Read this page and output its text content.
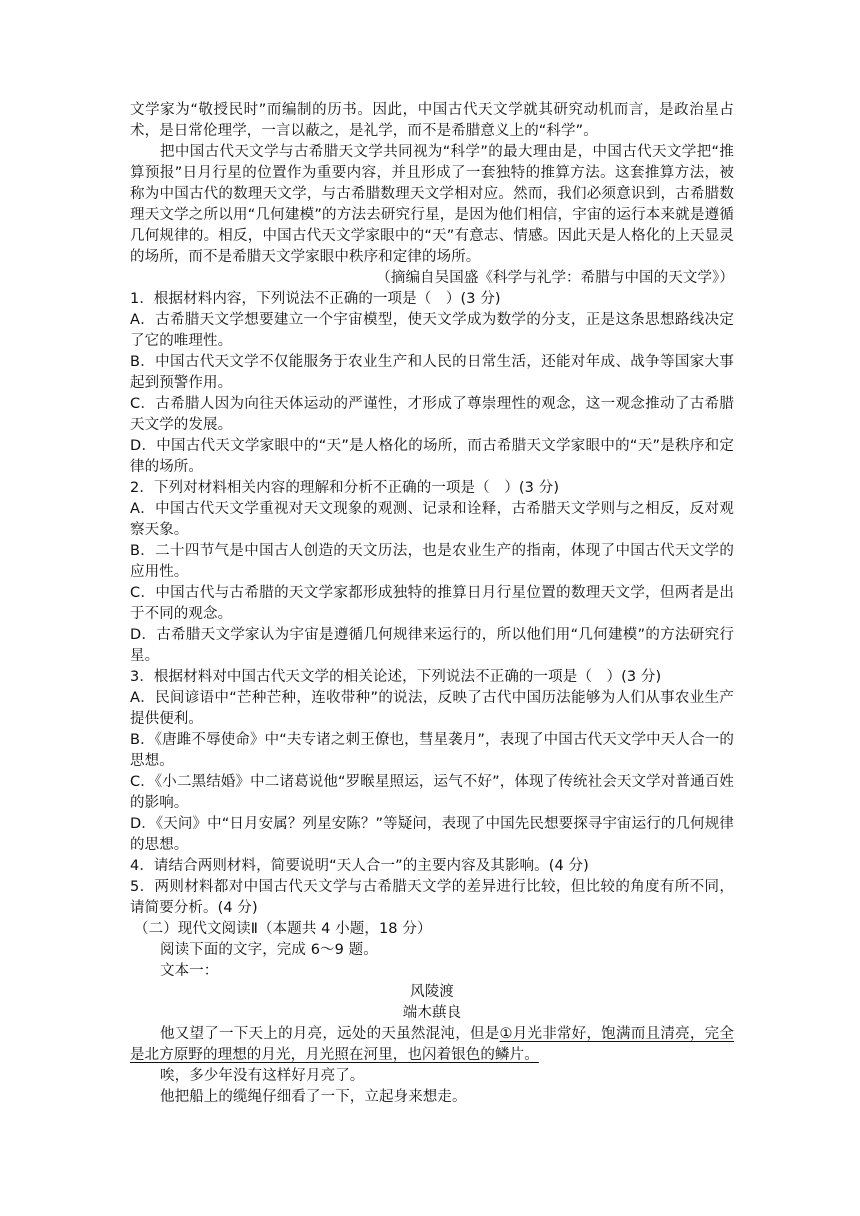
文学家为“敬授民时”而编制的历书。因此，中国古代天文学就其研究动机而言，是政治星占术，是日常伦理学，一言以蔽之，是礼学，而不是希腊意义上的“科学”。

把中国古代天文学与古希腊天文学共同视为“科学”的最大理由是，中国古代天文学把“推算预报”日月行星的位置作为重要内容，并且形成了一套独特的推算方法。这套推算方法，被称为中国古代的数理天文学，与古希腊数理天文学相对应。然而，我们必须意识到，古希腊数理天文学之所以用“几何建模”的方法去研究行星，是因为他们相信，宇宙的运行本来就是遵循几何规律的。相反，中国古代天文学家眼中的“天”有意志、情感。因此天是人格化的上天显灵的场所，而不是希腊天文学家眼中秩序和定律的场所。

（摘编自吴国盛《科学与礼学：希腊与中国的天文学》）

1．根据材料内容，下列说法不正确的一项是（　）(3 分)

A．古希腊天文学想要建立一个宇宙模型，使天文学成为数学的分支，正是这条思想路线决定了它的唯理性。

B．中国古代天文学不仅能服务于农业生产和人民的日常生活，还能对年成、战争等国家大事起到预警作用。

C．古希腊人因为向往天体运动的严谨性，才形成了尊崇理性的观念，这一观念推动了古希腊天文学的发展。

D．中国古代天文学家眼中的“天”是人格化的场所，而古希腊天文学家眼中的“天”是秩序和定律的场所。

2．下列对材料相关内容的理解和分析不正确的一项是（　）(3 分)

A．中国古代天文学重视对天文现象的观测、记录和诠释，古希腊天文学则与之相反，反对观察天象。

B．二十四节气是中国古人创造的天文历法，也是农业生产的指南，体现了中国古代天文学的应用性。

C．中国古代与古希腊的天文学家都形成独特的推算日月行星位置的数理天文学，但两者是出于不同的观念。

D．古希腊天文学家认为宇宙是遵循几何规律来运行的，所以他们用“几何建模”的方法研究行星。

3．根据材料对中国古代天文学的相关论述，下列说法不正确的一项是（　）(3 分)

A．民间谚语中“芒种芒种，连收带种”的说法，反映了古代中国历法能够为人们从事农业生产提供便利。

B．《唐雎不辱使命》中“夫专诸之刺王僚也，彗星袭月”，表现了中国古代天文学中天人合一的思想。

C．《小二黑结婚》中二诸葛说他“罗睺星照运，运气不好”，体现了传统社会天文学对普通百姓的影响。

D．《天问》中“日月安属？列星安陈？”等疑问，表现了中国先民想要探寻宇宙运行的几何规律的思想。

4．请结合两则材料，简要说明“天人合一”的主要内容及其影响。(4 分)

5．两则材料都对中国古代天文学与古希腊天文学的差异进行比较，但比较的角度有所不同，请简要分析。(4 分)

（二）现代文阅读Ⅱ（本题共 4 小题，18 分）

阅读下面的文字，完成 6～9 题。

文本一：

风陵渡

端木蕻良

他又望了一下天上的月亮，远处的天虽然混沌，但是①月光非常好，饱满而且清亮，完全是北方原野的理想的月光，月光照在河里，也闪着银色的鳞片。

唉，多少年没有这样好月亮了。

他把船上的缆绳仔细看了一下，立起身来想走。
